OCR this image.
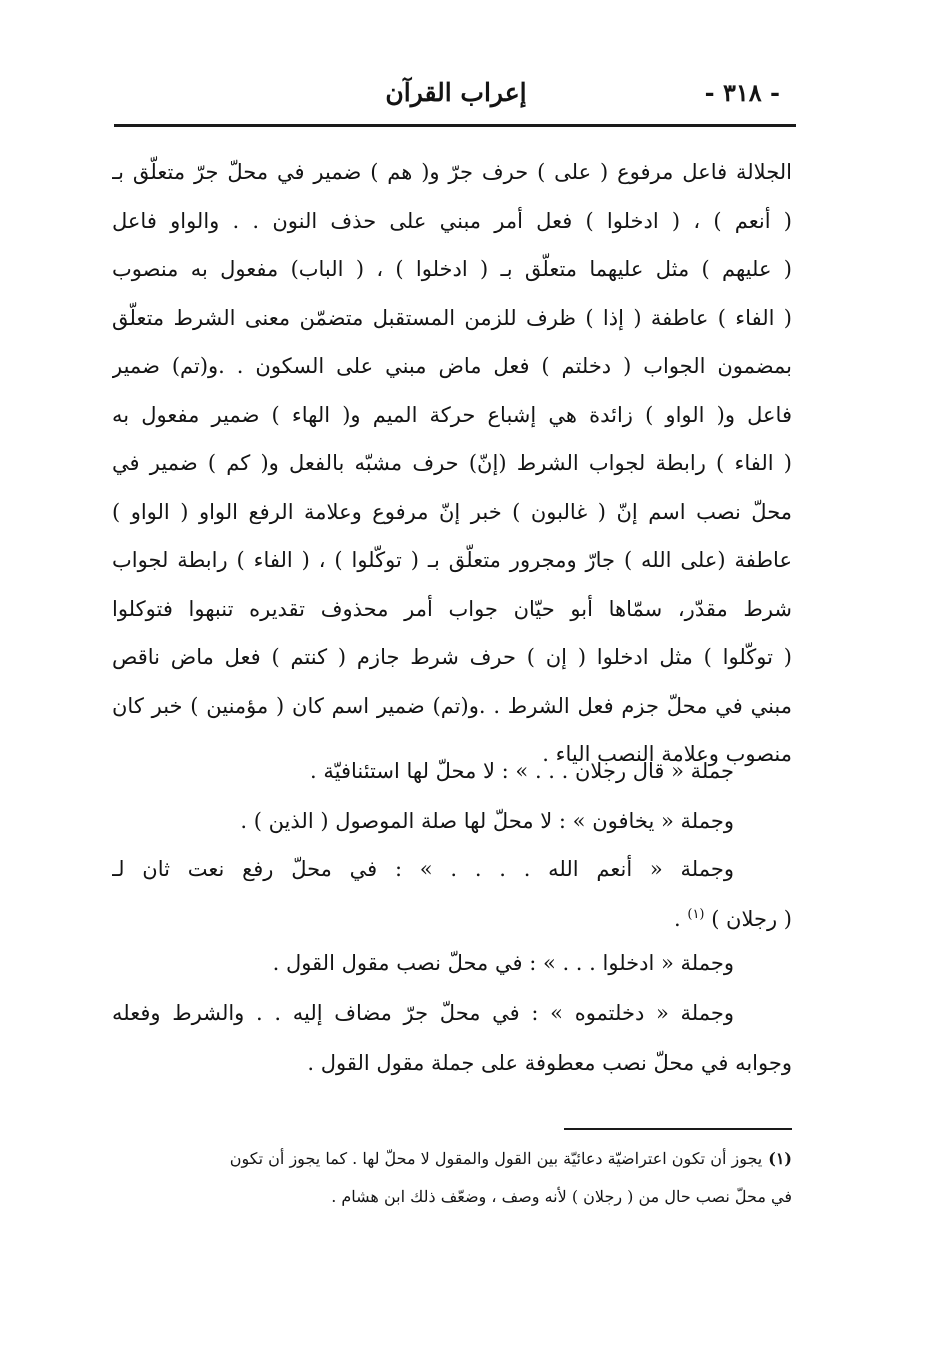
- ٣١٨ -
إعراب القرآن
الجلالة فاعل مرفوع ( على ) حرف جرّ و( هم ) ضمير في محلّ جرّ متعلّق بـ
( أنعم ) ، ( ادخلوا ) فعل أمر مبني على حذف النون . . والواو فاعل
( عليهم ) مثل عليهما متعلّق بـ ( ادخلوا ) ، ( الباب) مفعول به منصوب
( الفاء ) عاطفة ( إذا ) ظرف للزمن المستقبل متضمّن معنى الشرط متعلّق
بمضمون الجواب ( دخلتم ) فعل ماض مبني على السكون . .و(تم) ضمير
فاعل و( الواو ) زائدة هي إشباع حركة الميم و( الهاء ) ضمير مفعول به
( الفاء ) رابطة لجواب الشرط (إنّ) حرف مشبّه بالفعل و( كم ) ضمير في
محلّ نصب اسم إنّ ( غالبون ) خبر إنّ مرفوع وعلامة الرفع الواو ( الواو )
عاطفة (على الله ) جارّ ومجرور متعلّق بـ ( توكّلوا ) ، ( الفاء ) رابطة لجواب
شرط مقدّر، سمّاها أبو حيّان جواب أمر محذوف تقديره تنبهوا فتوكلوا
( توكّلوا ) مثل ادخلوا ( إن ) حرف شرط جازم ( كنتم ) فعل ماض ناقص
مبني في محلّ جزم فعل الشرط . .و(تم) ضمير اسم كان ( مؤمنين ) خبر كان
منصوب وعلامة النصب الياء .
جملة « قال رجلان . . . » : لا محلّ لها استئنافيّة .
وجملة « يخافون » : لا محلّ لها صلة الموصول ( الذين ) .
وجملة « أنعم الله . . . . » : في محلّ رفع نعت ثان لـ
( رجلان ) $^{(١)}$ .
وجملة « ادخلوا . . . » : في محلّ نصب مقول القول .
وجملة « دخلتموه » : في محلّ جرّ مضاف إليه . . والشرط وفعله
وجوابه في محلّ نصب معطوفة على جملة مقول القول .
(١)يجوز أن تكون اعتراضيّة دعائيّة بين القول والمقول لا محلّ لها . كما يجوز أن تكون
في محلّ نصب حال من ( رجلان ) لأنه وصف ، وضعّف ذلك ابن هشام .
